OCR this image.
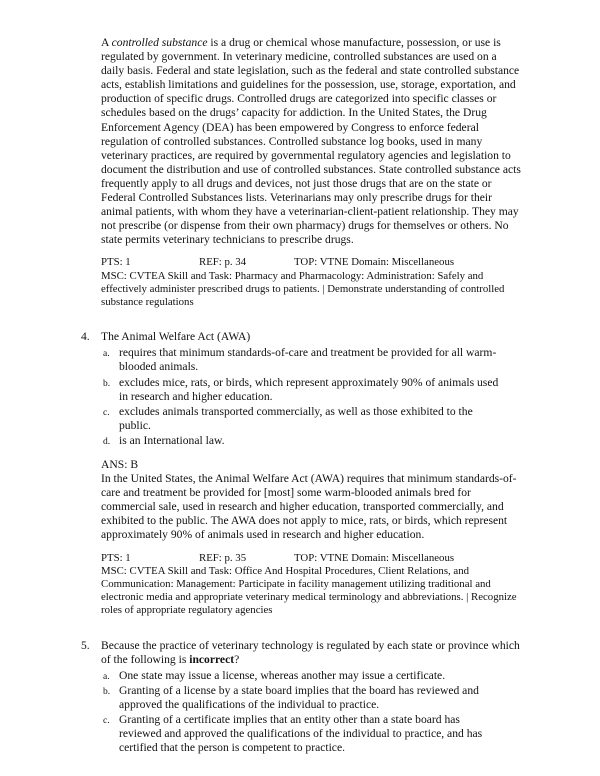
A controlled substance is a drug or chemical whose manufacture, possession, or use is regulated by government. In veterinary medicine, controlled substances are used on a daily basis. Federal and state legislation, such as the federal and state controlled substance acts, establish limitations and guidelines for the possession, use, storage, exportation, and production of specific drugs. Controlled drugs are categorized into specific classes or schedules based on the drugs’ capacity for addiction. In the United States, the Drug Enforcement Agency (DEA) has been empowered by Congress to enforce federal regulation of controlled substances. Controlled substance log books, used in many veterinary practices, are required by governmental regulatory agencies and legislation to document the distribution and use of controlled substances. State controlled substance acts frequently apply to all drugs and devices, not just those drugs that are on the state or Federal Controlled Substances lists. Veterinarians may only prescribe drugs for their animal patients, with whom they have a veterinarian-client-patient relationship. They may not prescribe (or dispense from their own pharmacy) drugs for themselves or others. No state permits veterinary technicians to prescribe drugs.

PTS: 1	REF: p. 34	TOP: VTNE Domain: Miscellaneous

MSC: CVTEA Skill and Task: Pharmacy and Pharmacology: Administration: Safely and effectively administer prescribed drugs to patients. | Demonstrate understanding of controlled substance regulations

4. The Animal Welfare Act (AWA)

a. requires that minimum standards-of-care and treatment be provided for all warm-blooded animals.
b. excludes mice, rats, or birds, which represent approximately 90% of animals used in research and higher education.
c. excludes animals transported commercially, as well as those exhibited to the public.
d. is an International law.

ANS: B

In the United States, the Animal Welfare Act (AWA) requires that minimum standards-of-care and treatment be provided for [most] some warm-blooded animals bred for commercial sale, used in research and higher education, transported commercially, and exhibited to the public. The AWA does not apply to mice, rats, or birds, which represent approximately 90% of animals used in research and higher education.

PTS: 1	REF: p. 35	TOP: VTNE Domain: Miscellaneous

MSC: CVTEA Skill and Task: Office And Hospital Procedures, Client Relations, and Communication: Management: Participate in facility management utilizing traditional and electronic media and appropriate veterinary medical terminology and abbreviations. | Recognize roles of appropriate regulatory agencies

5. Because the practice of veterinary technology is regulated by each state or province which of the following is incorrect?

a. One state may issue a license, whereas another may issue a certificate.
b. Granting of a license by a state board implies that the board has reviewed and approved the qualifications of the individual to practice.
c. Granting of a certificate implies that an entity other than a state board has reviewed and approved the qualifications of the individual to practice, and has certified that the person is competent to practice.
